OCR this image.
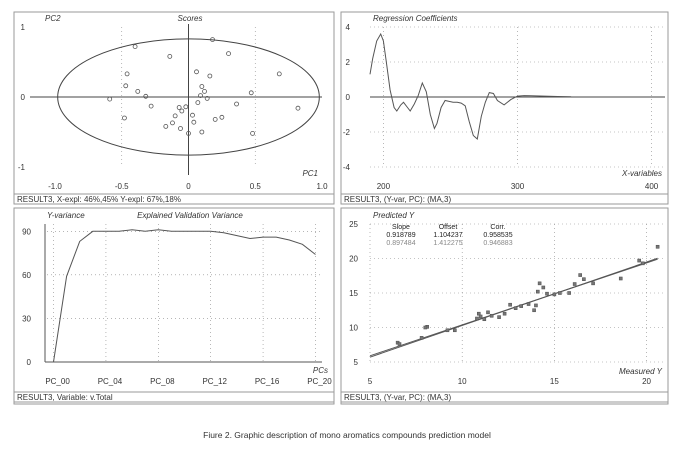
RESULT3, X-expl: 46%,45% Y-expl: 67%,18%
PC2	Scores
PC1
-1.0	-0.5	0	0.5	1.0
1
0
-1
RESULT3, (Y-var, PC): (MA,3)
Regression Coefficients
X-variables
200	300	400
4
2
0
-2
-4
RESULT3, Variable: v.Total
Y-variance	Explained Validation Variance
PCs
PC_00	PC_04	PC_08	PC_12	PC_16	PC_20
90
60
30
0
RESULT3, (Y-var, PC): (MA,3)
Predicted Y
Measured Y
5	10	15	20
25
20
15
10
5
Slope	Offset	Corr.
0.918789	1.104237	0.958535
0.897484	1.412275	0.946883
Fiure 2. Graphic description of mono aromatics compounds prediction model
